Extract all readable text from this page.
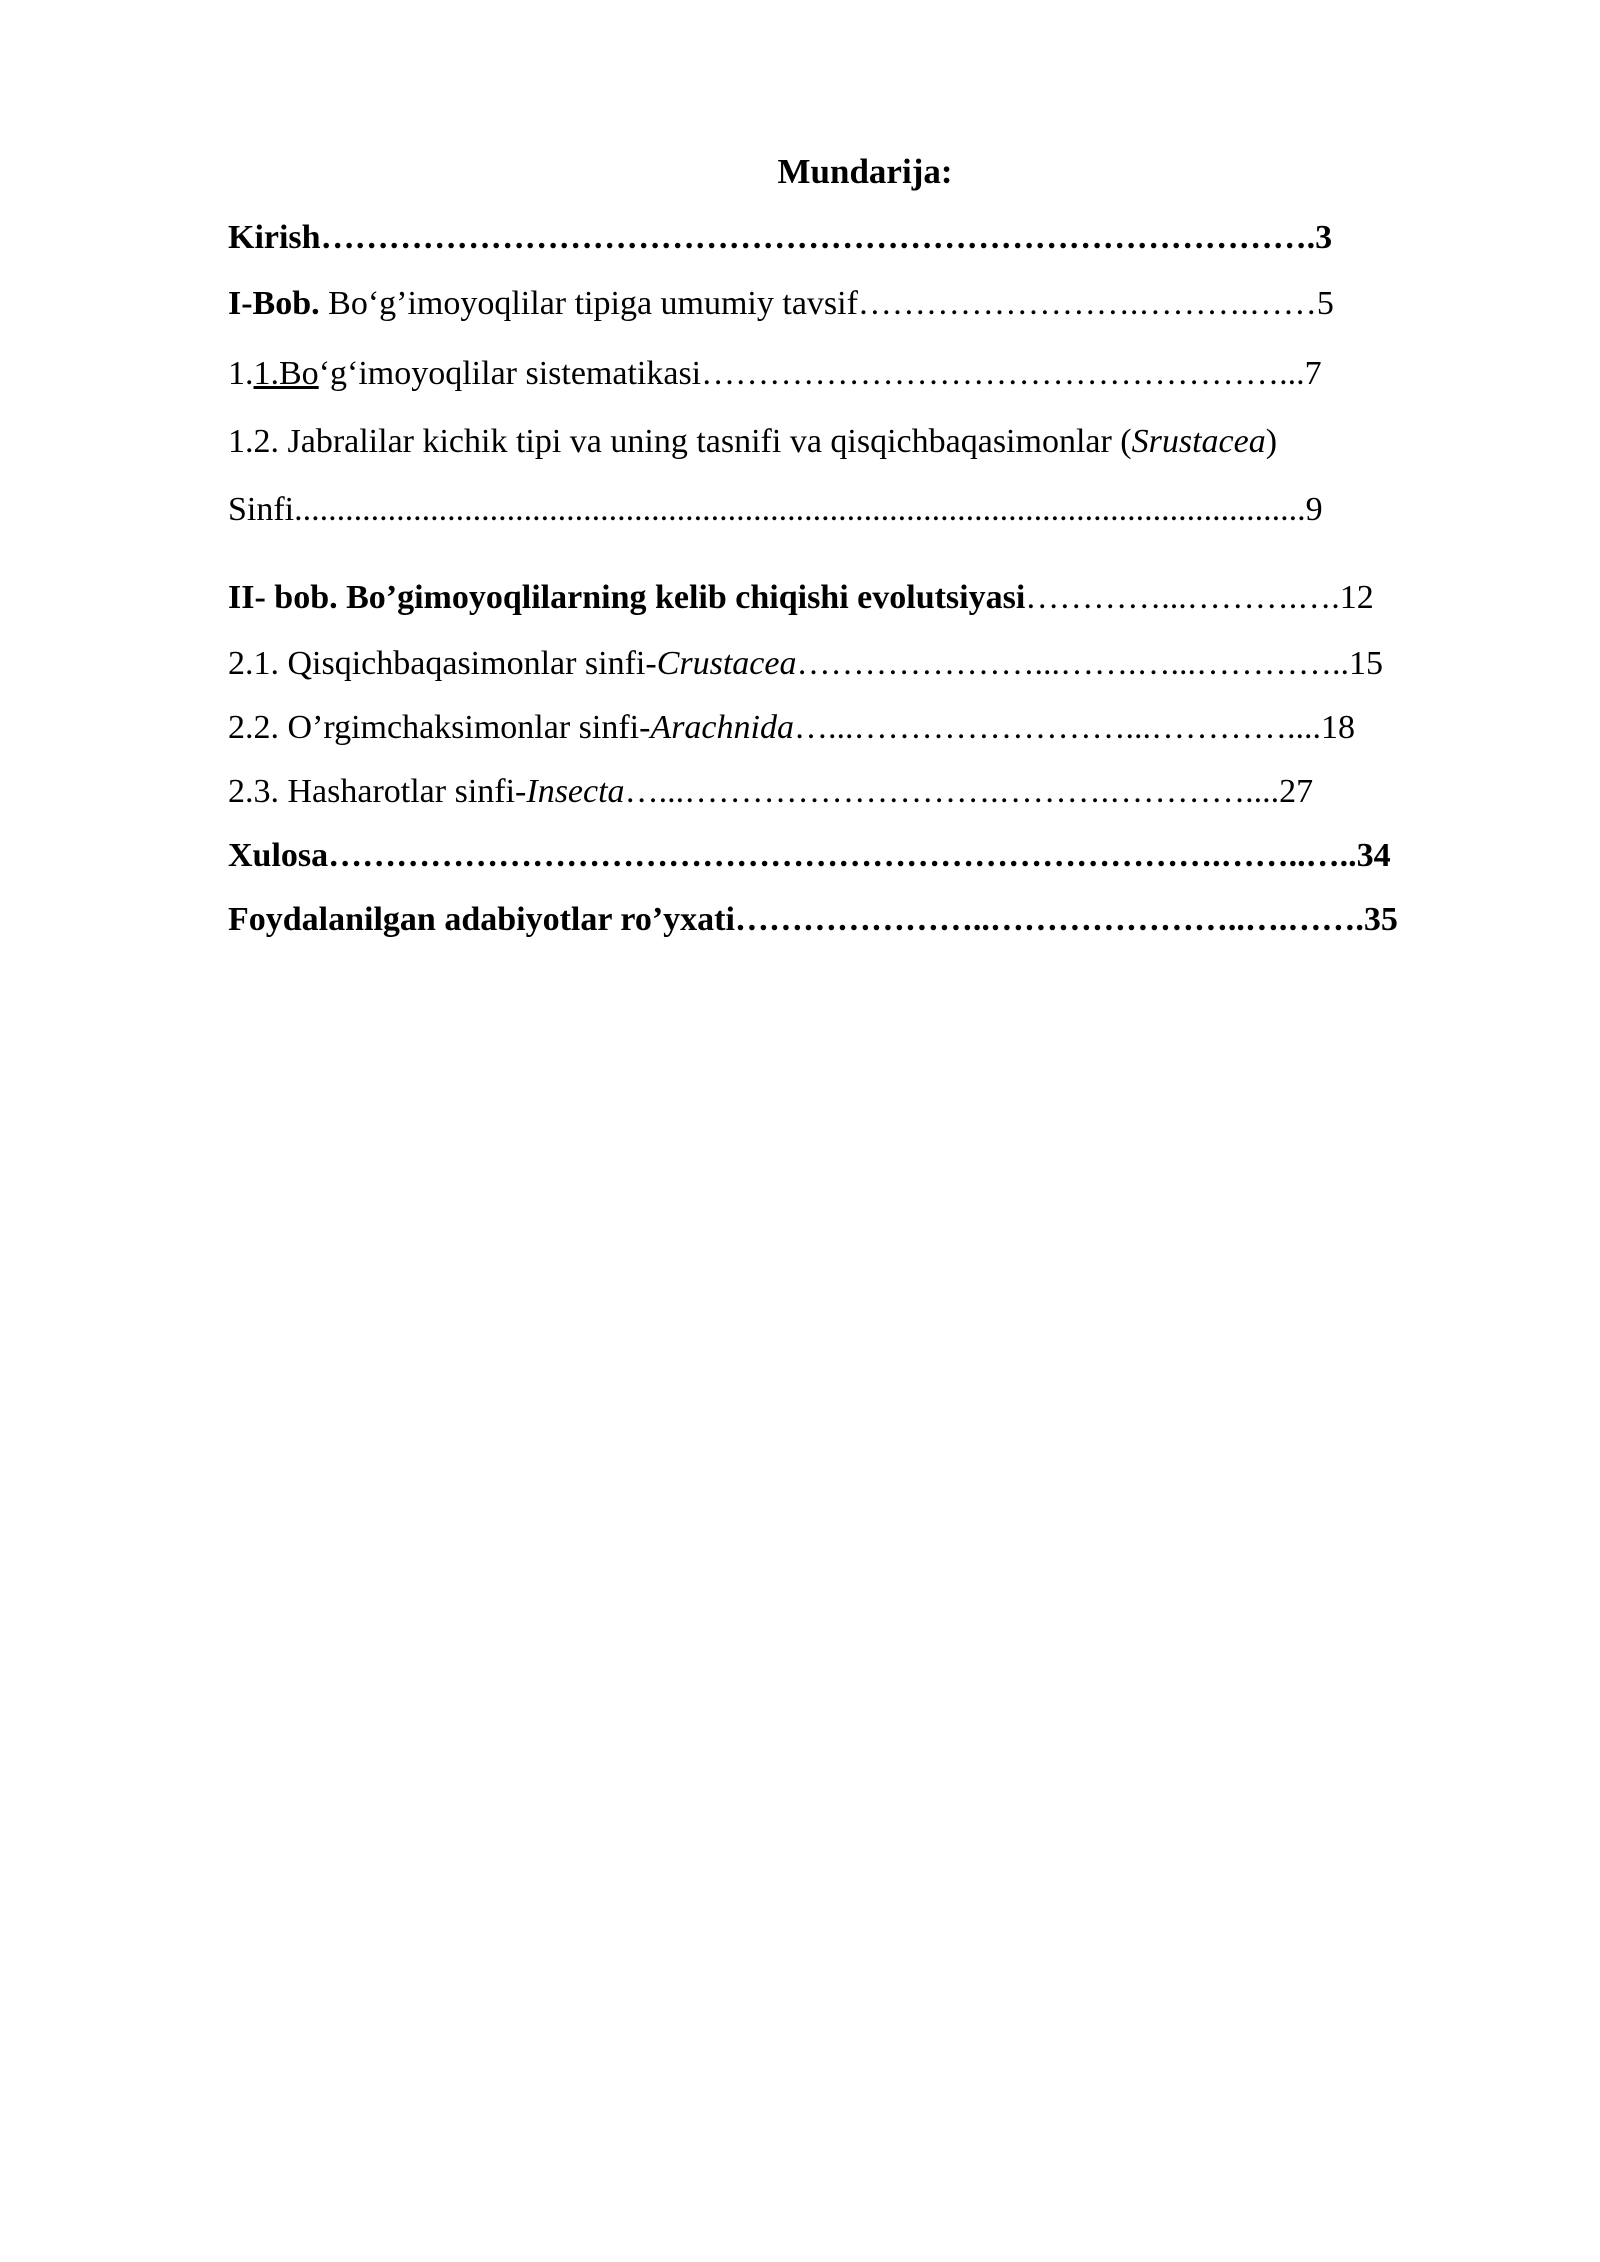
Mundarija:

Kirish…………………………………………………………………………….3

I-Bob. Bo‘g’imoyoqlilar tipiga umumiy tavsif…………………….……….……5

1.1.Bo‘g‘imoyoqlilar sistematikasi……………………………………………...7

1.2. Jabralilar kichik tipi va uning tasnifi va qisqichbaqasimonlar (Srustacea)

Sinfi.......................................................................................................................9

II- bob. Bo’gimoyoqlilarning kelib chiqishi evolutsiyasi…………...……….….12

2.1. Qisqichbaqasimonlar sinfi-Crustacea…………………...…….…...…………..15

2.2. O’rgimchaksimonlar sinfi-Arachnida…...……………………...…………....18

2.3. Hasharotlar sinfi-Insecta…...……………………….……….…………....27

Xulosa…………………………………………………………………….……..…..34

Foydalanilgan adabiyotlar ro’yxati…………………..…………………..….…….35
